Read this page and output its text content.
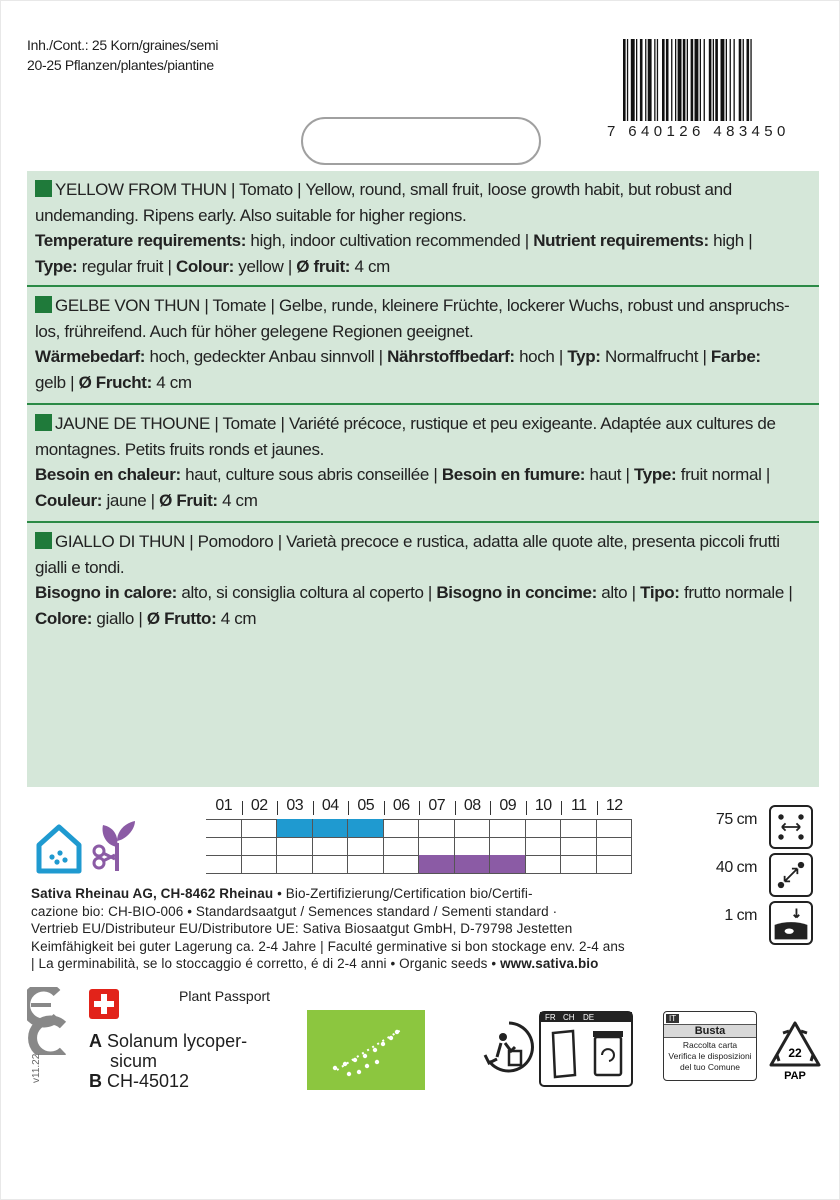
Inh./Cont.: 25 Korn/graines/semi
20-25 Pflanzen/plantes/piantine
7 640126 483450
YELLOW FROM THUN | Tomato | Yellow, round, small fruit, loose growth habit, but robust and
undemanding. Ripens early. Also suitable for higher regions.
Temperature requirements: high, indoor cultivation recommended | Nutrient requirements: high |
Type: regular fruit | Colour: yellow | Ø fruit: 4 cm
GELBE VON THUN | Tomate | Gelbe, runde, kleinere Früchte, lockerer Wuchs, robust und anspruchs-
los, frühreifend. Auch für höher gelegene Regionen geeignet.
Wärmebedarf: hoch, gedeckter Anbau sinnvoll | Nährstoffbedarf: hoch | Typ: Normalfrucht | Farbe:
gelb | Ø Frucht: 4 cm
JAUNE DE THOUNE | Tomate | Variété précoce, rustique et peu exigeante. Adaptée aux cultures de
montagnes. Petits fruits ronds et jaunes.
Besoin en chaleur: haut, culture sous abris conseillée | Besoin en fumure: haut | Type: fruit normal |
Couleur: jaune | Ø Fruit: 4 cm
GIALLO DI THUN | Pomodoro | Varietà precoce e rustica, adatta alle quote alte, presenta piccoli frutti
gialli e tondi.
Bisogno in calore: alto, si consiglia coltura al coperto | Bisogno in concime: alto | Tipo: frutto normale |
Colore: giallo | Ø Frutto: 4 cm
01	02	03	04	05	06	07	08	09	10	11	12
75 cm
40 cm
1 cm
Sativa Rheinau AG, CH-8462 Rheinau • Bio-Zertifizierung/Certification bio/Certifi-
cazione bio: CH-BIO-006 • Standardsaatgut / Semences standard / Sementi standard ·
Vertrieb EU/Distributeur EU/Distributore UE: Sativa Biosaatgut GmbH, D-79798 Jestetten
Keimfähigkeit bei guter Lagerung ca. 2-4 Jahre | Faculté germinative si bon stockage env. 2-4 ans
| La germinabilità, se lo stoccaggio é corretto, é di 2-4 anni • Organic seeds • www.sativa.bio
Plant Passport
A Solanum lycoper-
sicum
B CH-45012
v11.22
FR CH DE	IT
Busta
Raccolta carta
Verifica le disposizioni
del tuo Comune
22
PAP
